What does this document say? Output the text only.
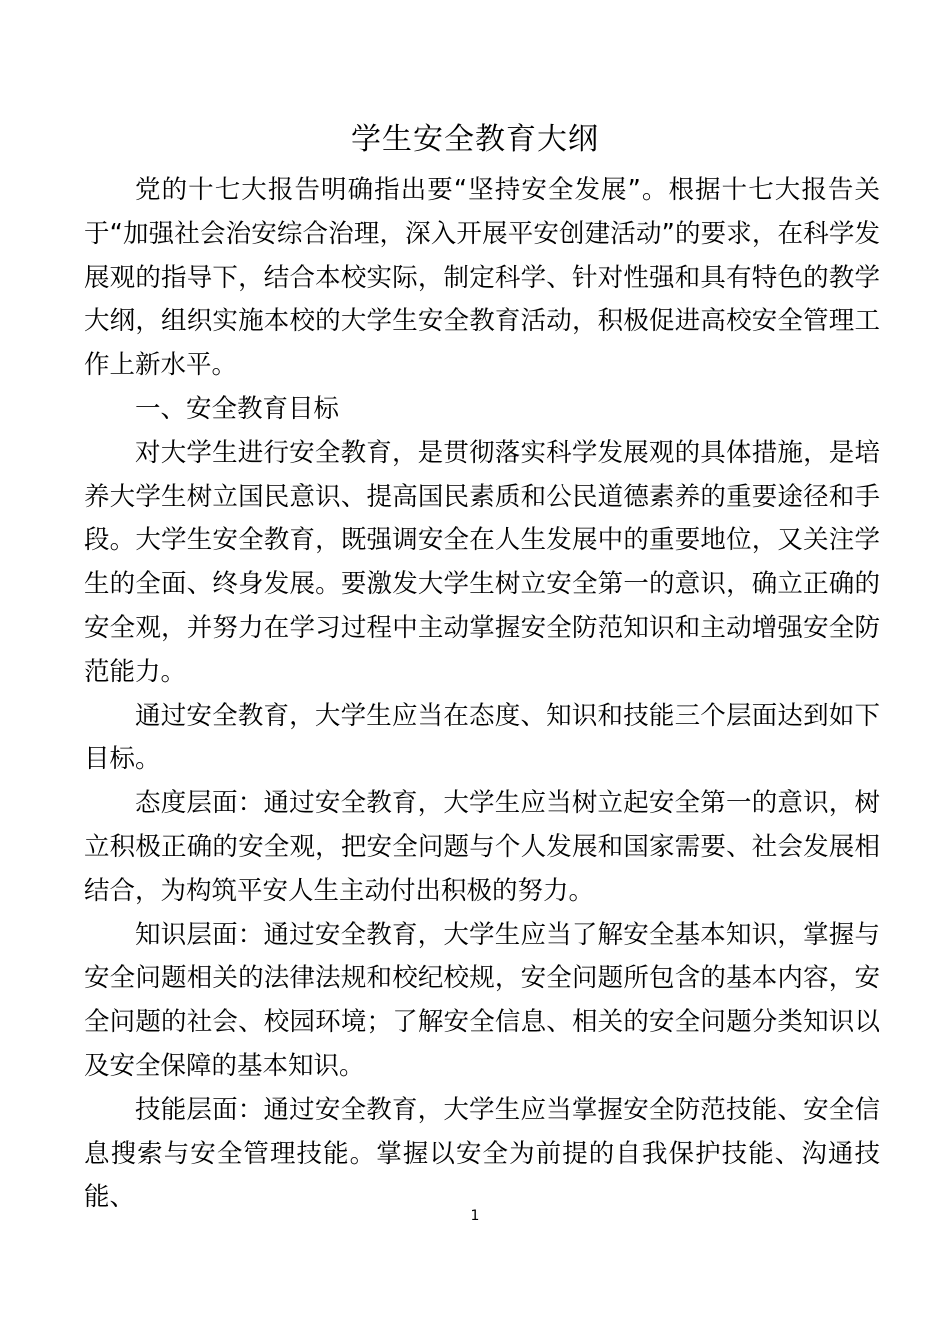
学生安全教育大纲

党的十七大报告明确指出要“坚持安全发展”。根据十七大报告关于“加强社会治安综合治理，深入开展平安创建活动”的要求，在科学发展观的指导下，结合本校实际，制定科学、针对性强和具有特色的教学大纲，组织实施本校的大学生安全教育活动，积极促进高校安全管理工作上新水平。

一、安全教育目标

对大学生进行安全教育，是贯彻落实科学发展观的具体措施，是培养大学生树立国民意识、提高国民素质和公民道德素养的重要途径和手段。大学生安全教育，既强调安全在人生发展中的重要地位，又关注学生的全面、终身发展。要激发大学生树立安全第一的意识，确立正确的安全观，并努力在学习过程中主动掌握安全防范知识和主动增强安全防范能力。

通过安全教育，大学生应当在态度、知识和技能三个层面达到如下目标。

态度层面：通过安全教育，大学生应当树立起安全第一的意识，树立积极正确的安全观，把安全问题与个人发展和国家需要、社会发展相结合，为构筑平安人生主动付出积极的努力。

知识层面：通过安全教育，大学生应当了解安全基本知识，掌握与安全问题相关的法律法规和校纪校规，安全问题所包含的基本内容，安全问题的社会、校园环境；了解安全信息、相关的安全问题分类知识以及安全保障的基本知识。

技能层面：通过安全教育，大学生应当掌握安全防范技能、安全信息搜索与安全管理技能。掌握以安全为前提的自我保护技能、沟通技能、

1
